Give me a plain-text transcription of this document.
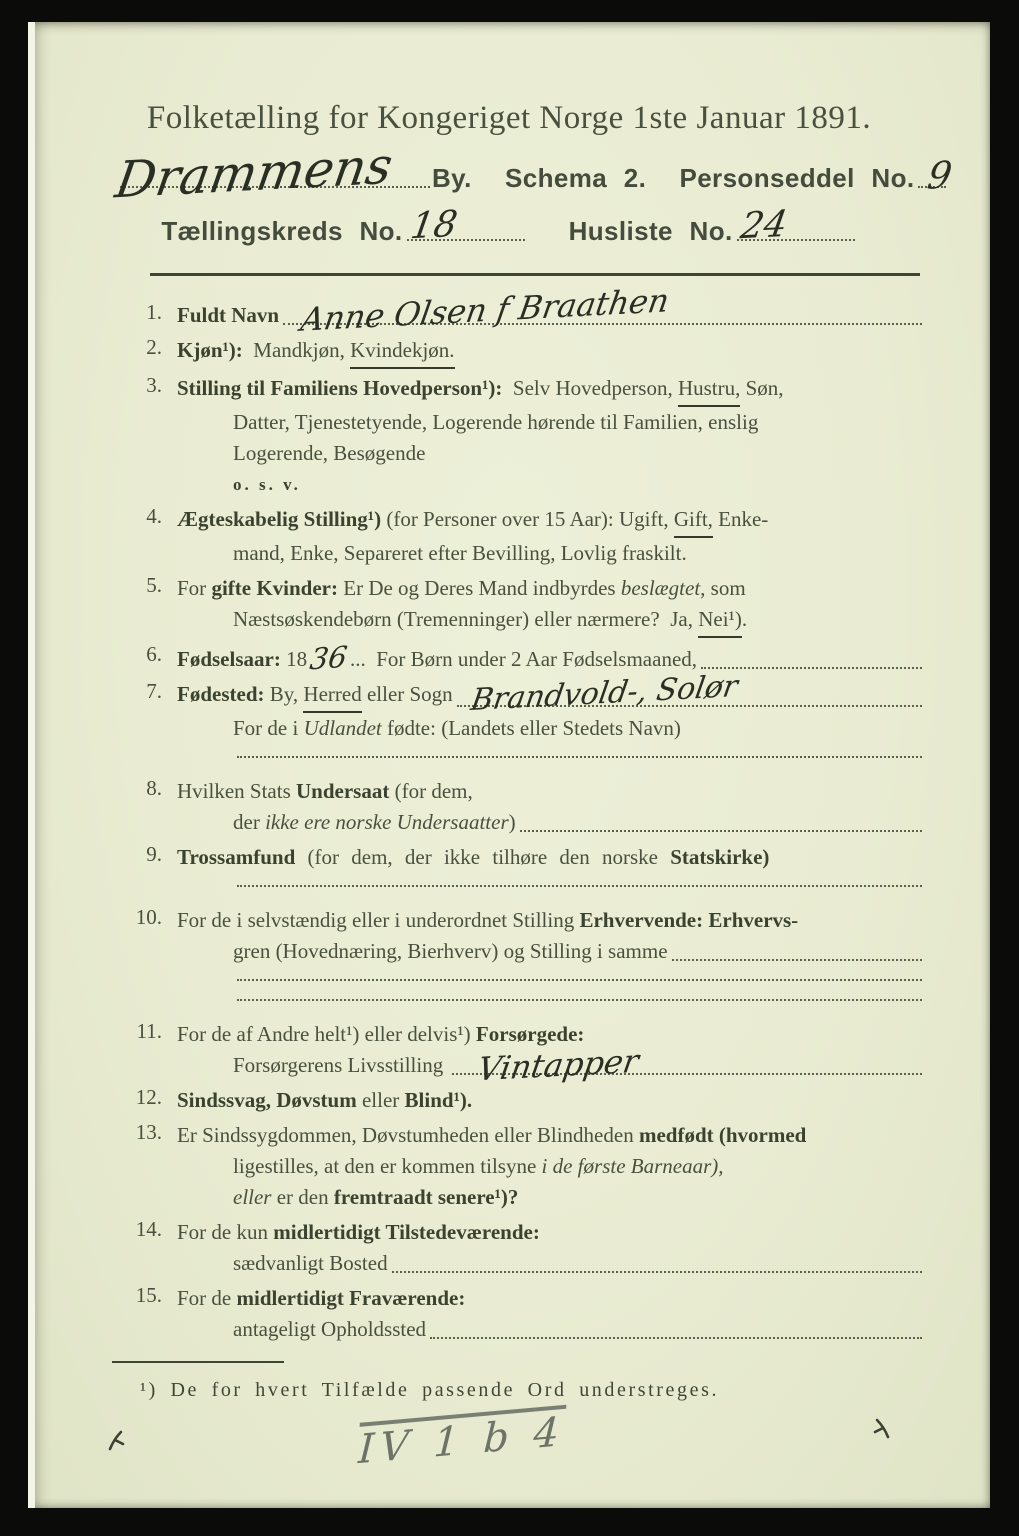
Folketælling for Kongeriget Norge 1ste Januar 1891.
Drammens By.  Schema 2.  Personseddel No. 9
Tællingskreds No. 18	Husliste No. 24
1. Fuldt Navn Anne Olsen f Braathen
2. Kjøn¹): Mandkjøn, Kvindekjøn.
3. Stilling til Familiens Hovedperson¹): Selv Hovedperson, Hustru, Søn,
Datter, Tjenestetyende, Logerende hørende til Familien, enslig
Logerende, Besøgende
o. s. v.
4. Ægteskabelig Stilling¹) (for Personer over 15 Aar): Ugift, Gift, Enke-
mand, Enke, Separeret efter Bevilling, Lovlig fraskilt.
5. For gifte Kvinder: Er De og Deres Mand indbyrdes beslægtet, som
Næstsøskendebørn (Tremenninger) eller nærmere?  Ja, Nei¹) .
6. Fødselsaar: 18 36 ...  For Børn under 2 Aar Fødselsmaaned,
7. Fødested: By, Herred eller Sogn Brandvold-, Solør
For de i Udlandet fødte: (Landets eller Stedets Navn)
8. Hvilken Stats Undersaat (for dem,
der ikke ere norske Undersaatter )
9. Trossamfund (for dem, der ikke tilhøre den norske Statskirke)
10. For de i selvstændig eller i underordnet Stilling Erhvervende: Erhvervs-
gren (Hovednæring, Bierhverv) og Stilling i samme
11. For de af Andre helt¹) eller delvis¹) Forsørgede:
Forsørgerens Livsstilling Vintapper
12. Sindssvag, Døvstum eller Blind¹).
13. Er Sindssygdommen, Døvstumheden eller Blindheden medfødt (hvormed
ligestilles, at den er kommen tilsyne i de første Barneaar),
eller er den fremtraadt senere¹)?
14. For de kun midlertidigt Tilstedeværende:
sædvanligt Bosted
15. For de midlertidigt Fraværende:
antageligt Opholdssted
¹) De for hvert Tilfælde passende Ord understreges.
IV 1 b 4
